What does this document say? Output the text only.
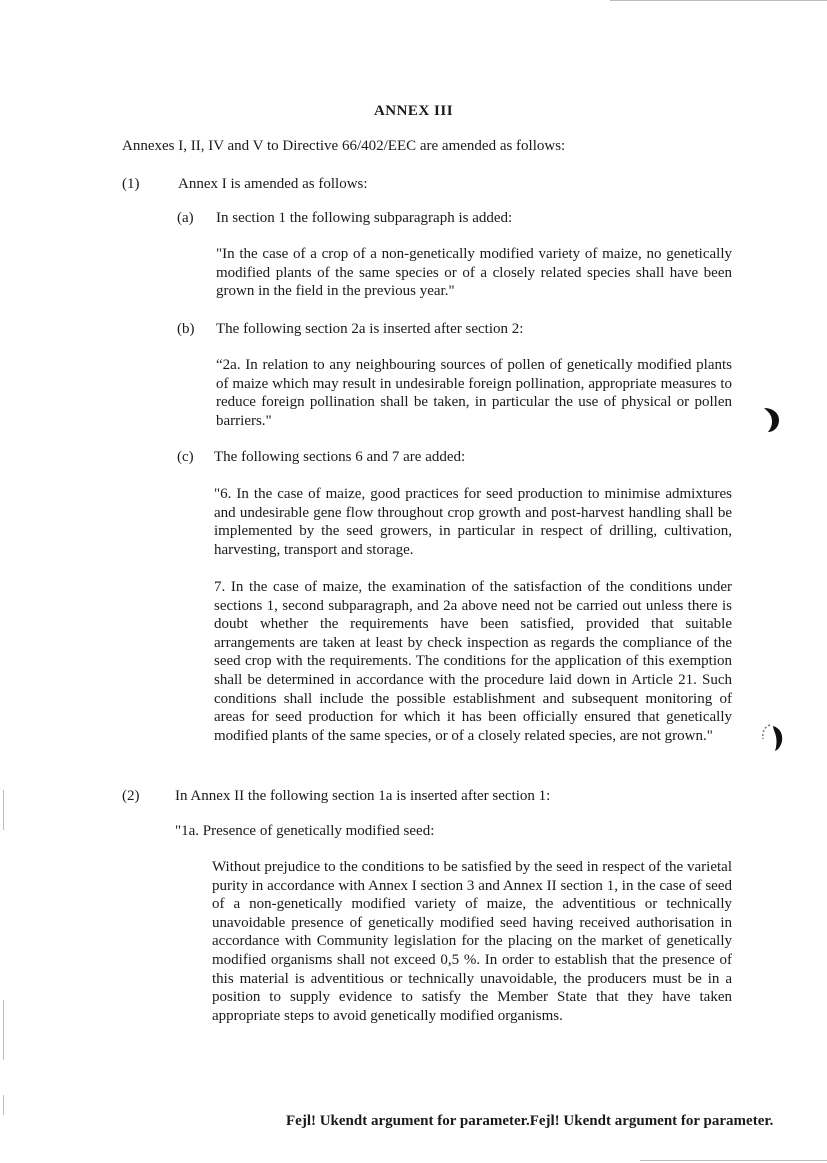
ANNEX III

Annexes I, II, IV and V to Directive 66/402/EEC are amended as follows:

(1)	Annex I is amended as follows:

(a) In section 1 the following subparagraph is added:

"In the case of a crop of a non-genetically modified variety of maize, no genetically modified plants of the same species or of a closely related species shall have been grown in the field in the previous year."

(b) The following section 2a is inserted after section 2:

“2a. In relation to any neighbouring sources of pollen of genetically modified plants of maize which may result in undesirable foreign pollination, appropriate measures to reduce foreign pollination shall be taken, in particular the use of physical or pollen barriers."

(c) The following sections 6 and 7 are added:

"6. In the case of maize, good practices for seed production to minimise admixtures and undesirable gene flow throughout crop growth and post-harvest handling shall be implemented by the seed growers, in particular in respect of drilling, cultivation, harvesting, transport and storage.

7. In the case of maize, the examination of the satisfaction of the conditions under sections 1, second subparagraph, and 2a above need not be carried out unless there is doubt whether the requirements have been satisfied, provided that suitable arrangements are taken at least by check inspection as regards the compliance of the seed crop with the requirements. The conditions for the application of this exemption shall be determined in accordance with the procedure laid down in Article 21. Such conditions shall include the possible establishment and subsequent monitoring of areas for seed production for which it has been officially ensured that genetically modified plants of the same species, or of a closely related species, are not grown."

(2) In Annex II the following section 1a is inserted after section 1:

"1a. Presence of genetically modified seed:

Without prejudice to the conditions to be satisfied by the seed in respect of the varietal purity in accordance with Annex I section 3 and Annex II section 1, in the case of seed of a non-genetically modified variety of maize, the adventitious or technically unavoidable presence of genetically modified seed having received authorisation in accordance with Community legislation for the placing on the market of genetically modified organisms shall not exceed 0,5 %. In order to establish that the presence of this material is adventitious or technically unavoidable, the producers must be in a position to supply evidence to satisfy the Member State that they have taken appropriate steps to avoid genetically modified organisms.

Fejl! Ukendt argument for parameter.Fejl! Ukendt argument for parameter.
